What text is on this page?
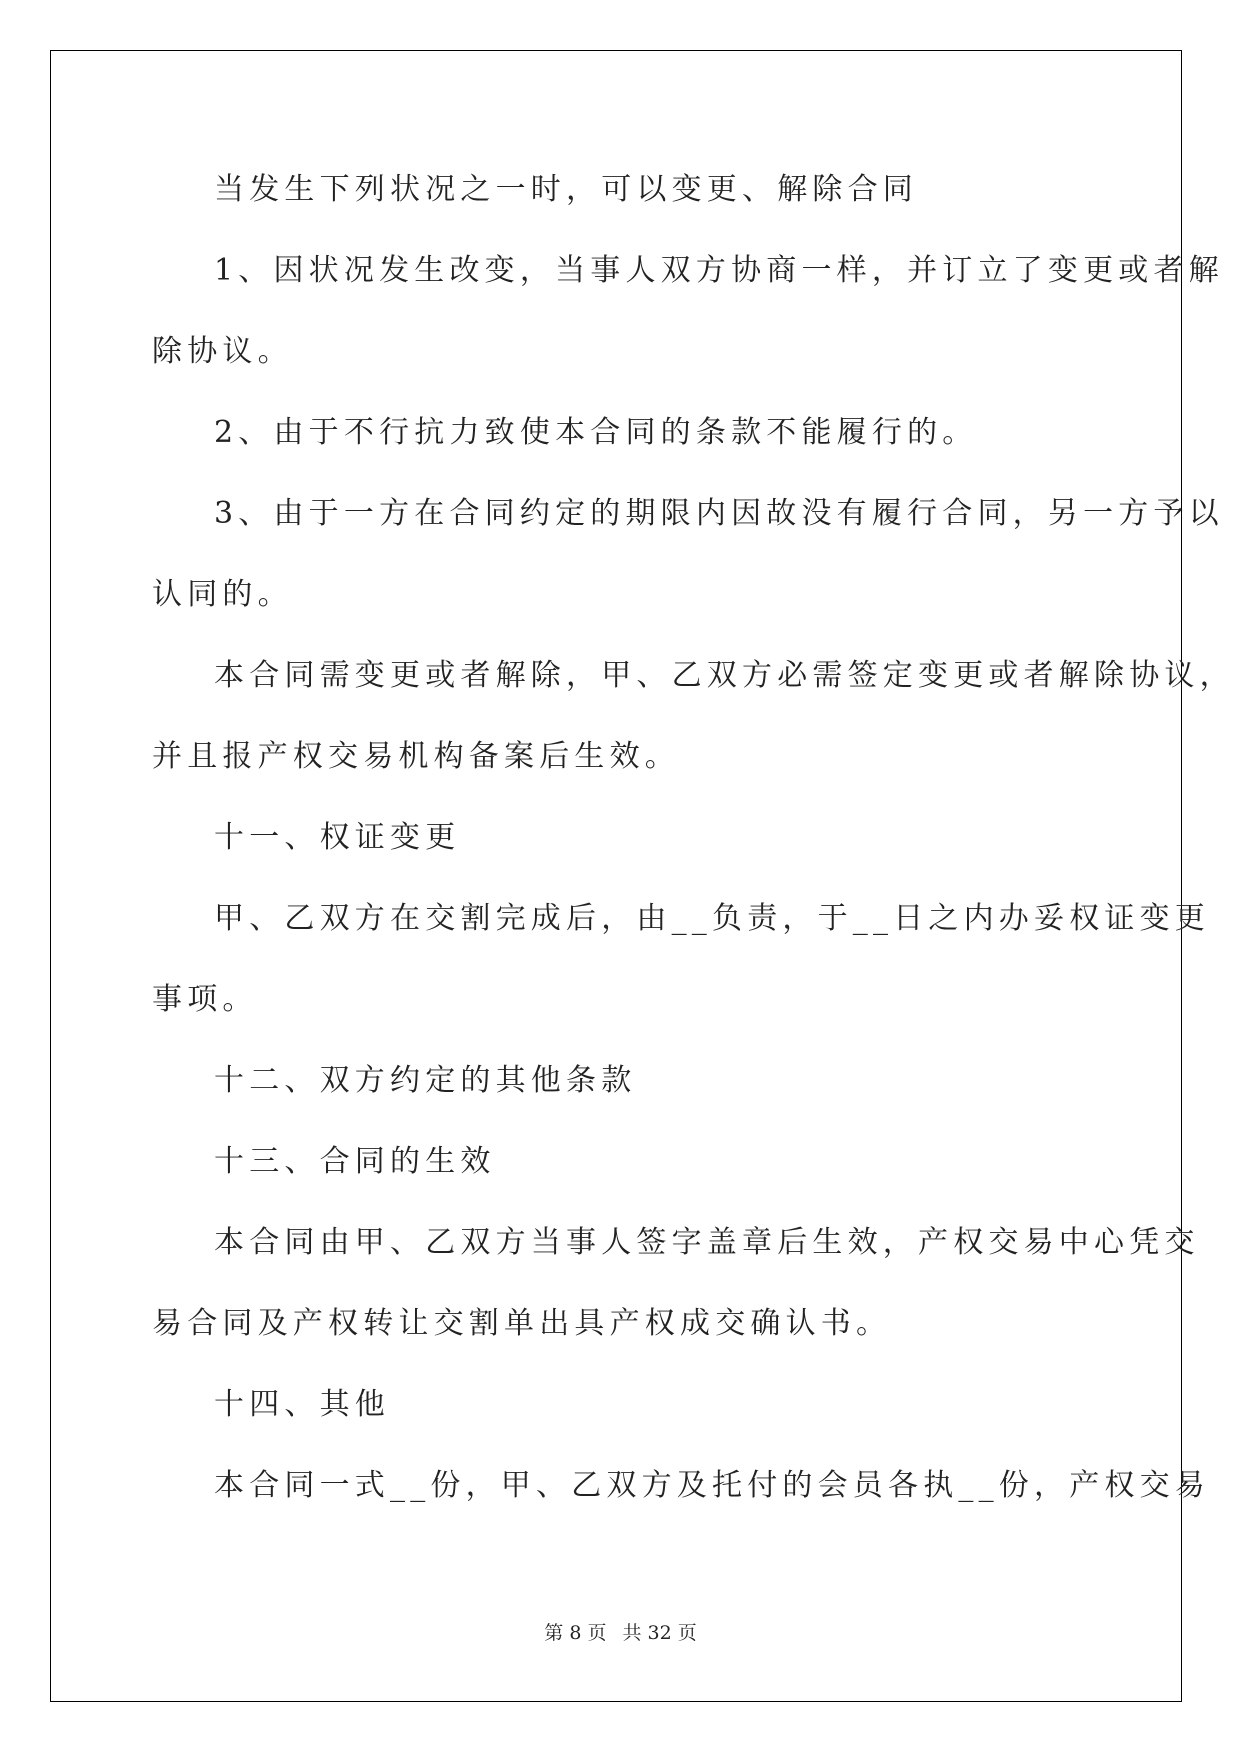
当发生下列状况之一时，可以变更、解除合同
1、因状况发生改变，当事人双方协商一样，并订立了变更或者解
除协议。
2、由于不行抗力致使本合同的条款不能履行的。
3、由于一方在合同约定的期限内因故没有履行合同，另一方予以
认同的。
本合同需变更或者解除，甲、乙双方必需签定变更或者解除协议，
并且报产权交易机构备案后生效。
十一、权证变更
甲、乙双方在交割完成后，由__负责，于__日之内办妥权证变更
事项。
十二、双方约定的其他条款
十三、合同的生效
本合同由甲、乙双方当事人签字盖章后生效，产权交易中心凭交
易合同及产权转让交割单出具产权成交确认书。
十四、其他
本合同一式__份，甲、乙双方及托付的会员各执__份，产权交易
第 8 页 共 32 页
